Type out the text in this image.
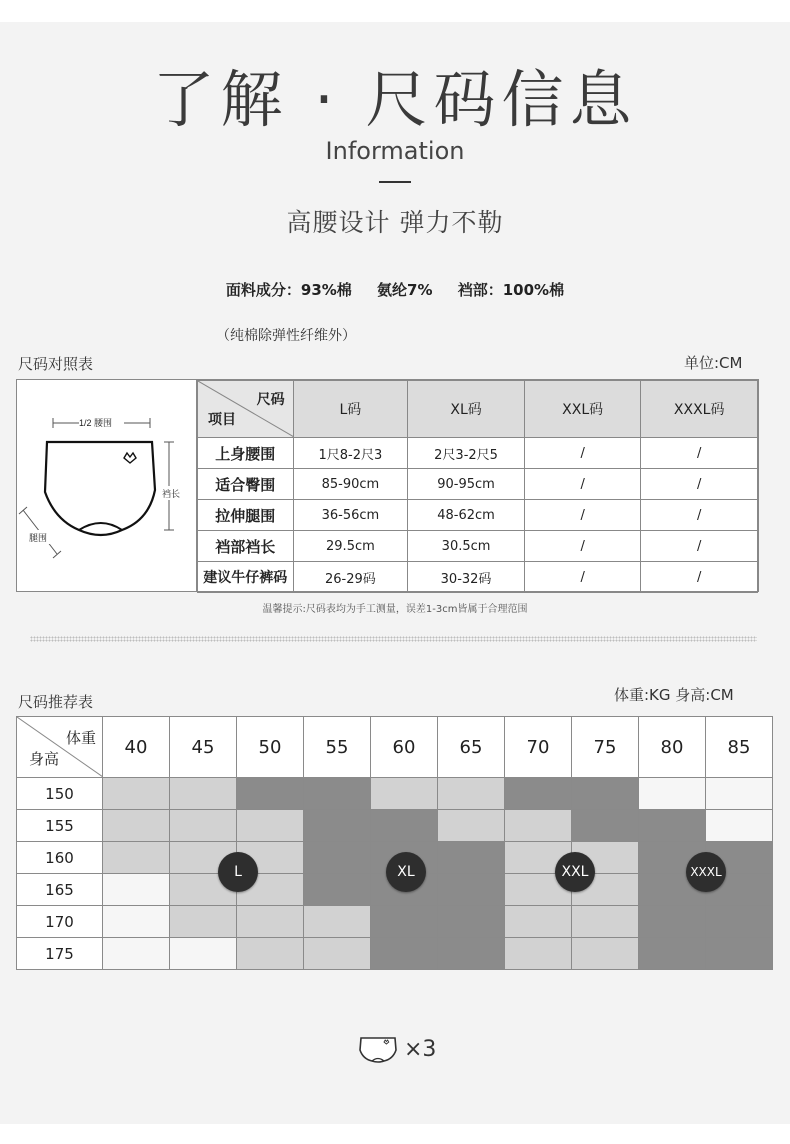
了解 · 尺码信息
Information
高腰设计 弹力不勒
面料成分：93%棉 氨纶7% 裆部：100%棉
（纯棉除弹性纤维外）
尺码对照表	单位:CM
1/2 腰围
裆长
腿围
尺码
项目	L码	XL码	XXL码	XXXL码
上身腰围	1尺8-2尺3	2尺3-2尺5	/	/
适合臀围	85-90cm	90-95cm	/	/
拉伸腿围	36-56cm	48-62cm	/	/
裆部裆长	29.5cm	30.5cm	/	/
建议牛仔裤码	26-29码	30-32码	/	/
温馨提示:尺码表均为手工测量，误差1-3cm皆属于合理范围
尺码推荐表	体重:KG 身高:CM
体重
身高	40	45	50	55	60	65	70	75	80	85
150										
155										
160										
165										
170										
175										
L	XL	XXL	XXXL
×3
